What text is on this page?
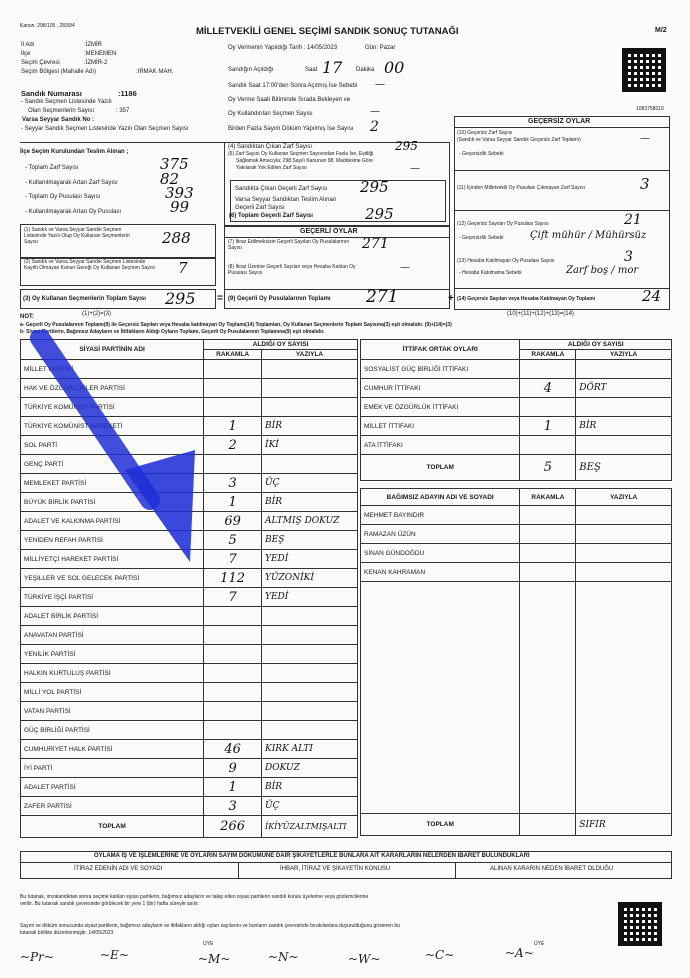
Kanun: 298/105 , 2839/4	MİLLETVEKİLİ GENEL SEÇİMİ SANDIK SONUÇ TUTANAĞI	M/2
1083758010
İl Adı	: İZMİR
İlçe	: MENEMEN
Seçim Çevresi	: İZMİR-2
Seçim Bölgesi (Mahalle Adı)	: IRMAK MAH.
Oy Vermenin Yapıldığı Tarih : 14/05/2023	Gün: Pazar
Sandığın Açıldığı	Saat 17 Dakika 00
Sandık Numarası	:1186
- Sandık Seçmen Listesinde Yazılı
Olan Seçmenlerin Sayısı	: 357
Varsa Seyyar Sandık No :
- Seyyar Sandık Seçmen Listesinde Yazılı Olan Seçmen Sayısı
Sandık Saat 17:00'den Sonra Açılmış İse Sebebi —
Oy Verme Saati Bitiminde Sırada Bekleyen ve
Oy Kullandırılan Seçmen Sayısı	—
Birden Fazla Sayım Döküm Yapılmış İse Sayısı 2
İlçe Seçim Kurulundan Teslim Alınan ;
- Toplam Zarf Sayısı	375
- Kullanılmayarak Artan Zarf Sayısı	82
- Toplam Oy Pusulası Sayısı	393
- Kullanılmayarak Artan Oy Pusulası	99
(4) Sandıktan Çıkan Zarf Sayısı	295
(5) Zarf Sayısı Oy Kullanan Seçmen Sayısından Fazla İse, Eşitliği
Sağlamak Amacıyla; 298 Sayılı Kanunun 98. Maddesine Göre
Yakılarak Yok Edilen Zarf Sayısı	—
Sandıkta Çıkan Geçerli Zarf Sayısı 295
Varsa Seyyar Sandıktan Teslim Alınan
Geçerli Zarf Sayısı
(6) Toplam Geçerli Zarf Sayısı	295
(1) Sandık ve Varsa Seyyar Sandık Seçmen Listesinde Yazılı Olup Oy Kullanan Seçmenlerin Sayısı	288
(2) Sandık ve Varsa Seyyar Sandık Seçmen Listesinde Kayıtlı Olmayan Kanun Gereği Oy Kullanan Seçmen Sayısı 7
(3) Oy Kullanan Seçmenlerin Toplam Sayısı 295
(1)+(2)=(3)
=
GEÇERLİ OYLAR
(7) İtiraz Edilmeksizin Geçerli Sayılan Oy Pusulalarının Sayısı	271
(8) İtiraz Üzerine Geçerli Sayılan veya Hesaba Katılan Oy Pusulası Sayısı	—
(9) Geçerli Oy Pusulalarının Toplamı 271	+
(10)+(11)+(12)+(13)=(14)
GEÇERSİZ OYLAR
(10) Geçersiz Zarf Sayısı
(Sandık ve Varsa Seyyar Sandık Geçersiz Zarf Toplamı)	—
- Geçersizlik Sebebi
(11) İçinden Milletvekili Oy Pusulası Çıkmayan Zarf Sayısı	3
(12) Geçersiz Sayılan Oy Pusulası Sayısı	21
- Geçersizlik Sebebi	Çift mühür / Mühürsüz
(13) Hesaba Katılmayan Oy Pusulası Sayısı	3
- Hesaba Katılmama Sebebi	Zarf boş / mor
(14) Geçersiz Sayılan veya Hesaba Katılmayan Oy Toplamı	24
NOT:
a- Geçerli Oy Pusulalarının Toplamı(9) ile Geçersiz Sayılan veya Hesaba katılmayan Oy Toplamı(14) Toplamları, Oy Kullanan Seçmenlerin Toplam Sayısına(3) eşit olmalıdır. (9)+(14)=(3)
b- Siyasi Partilerin, Bağımsız Adayların ve İttifakların Aldığı Oyların Toplamı, Geçerli Oy Pusulalarının Toplamına(9) eşit olmalıdır.
SİYASİ PARTİNİN ADI	ALDIĞI OY SAYISI	
	RAKAMLA	YAZIYLA
MİLLET PARTİSİ		
HAK VE ÖZGÜRLÜKLER PARTİSİ		
TÜRKİYE KOMÜNİST PARTİSİ		
TÜRKİYE KOMÜNİST HAREKETİ	1	BİR
SOL PARTİ	2	İKİ
GENÇ PARTİ		
MEMLEKET PARTİSİ	3	ÜÇ
BÜYÜK BİRLİK PARTİSİ	1	BİR
ADALET VE KALKINMA PARTİSİ	69	ALTMIŞ DOKUZ
YENİDEN REFAH PARTİSİ	5	BEŞ
MİLLİYETÇİ HAREKET PARTİSİ	7	YEDİ
YEŞİLLER VE SOL GELECEK PARTİSİ	112	YÜZONİKİ
TÜRKİYE İŞÇİ PARTİSİ	7	YEDİ
ADALET BİRLİK PARTİSİ		
ANAVATAN PARTİSİ		
YENİLİK PARTİSİ		
HALKIN KURTULUŞ PARTİSİ		
MİLLİ YOL PARTİSİ		
VATAN PARTİSİ		
GÜÇ BİRLİĞİ PARTİSİ		
CUMHURİYET HALK PARTİSİ	46	KIRK ALTI
İYİ PARTİ	9	DOKUZ
ADALET PARTİSİ	1	BİR
ZAFER PARTİSİ	3	ÜÇ
TOPLAM	266	İKİYÜZALTMIŞALTI
İTTİFAK ORTAK OYLARI	ALDIĞI OY SAYISI	
	RAKAMLA	YAZIYLA
SOSYALİST GÜÇ BİRLİĞİ İTTİFAKI		
CUMHUR İTTİFAKI	4	DÖRT
EMEK VE ÖZGÜRLÜK İTTİFAKI		
MİLLET İTTİFAKI	1	BİR
ATA İTTİFAKI		
TOPLAM	5	BEŞ

BAĞIMSIZ ADAYIN ADI VE SOYADI	RAKAMLA	YAZIYLA
MEHMET BAYINDIR		
RAMAZAN ÜZÜN		
SİNAN GÜNDOĞDU		
KENAN KAHRAMAN		

TOPLAM		SIFIR
OYLAMA İŞ VE İŞLEMLERİNE VE OYLARIN SAYIM DÖKÜMÜNE DAİR ŞİKAYETLERLE BUNLARA AİT KARARLARIN NELERDEN İBARET BULUNDUKLARI
İTİRAZ EDENİN ADI VE SOYADI	İHBAR, İTİRAZ VE ŞİKAYETİN KONUSU	ALINAN KARARIN NEDEN İBARET OLDUĞU
Bu tutanak, imzalandıktan sonra seçime katılan siyasi partilerin, bağımsız adayların ve talep eden siyasi partilerin sandık kurulu üyelerine veya gözlemcilerine
verilir. Bu tutanak sandık çevresinde görülecek bir yere 1 (bir) hafta süreyle asılır.
Sayım ve döküm sonucunda siyasi partilerin, bağımsız adayların ve ittifakların aldığı oyları sayılarını ve bunların sandık çevresinde bırakılanlara duyurulduğunu gösteren bu
tutanak birlikte düzenlenmiştir. 14/05/2023
ÜYE	ÜYE
~Pr~	~E~	~M~	~N~	~W~	~C~	~A~
